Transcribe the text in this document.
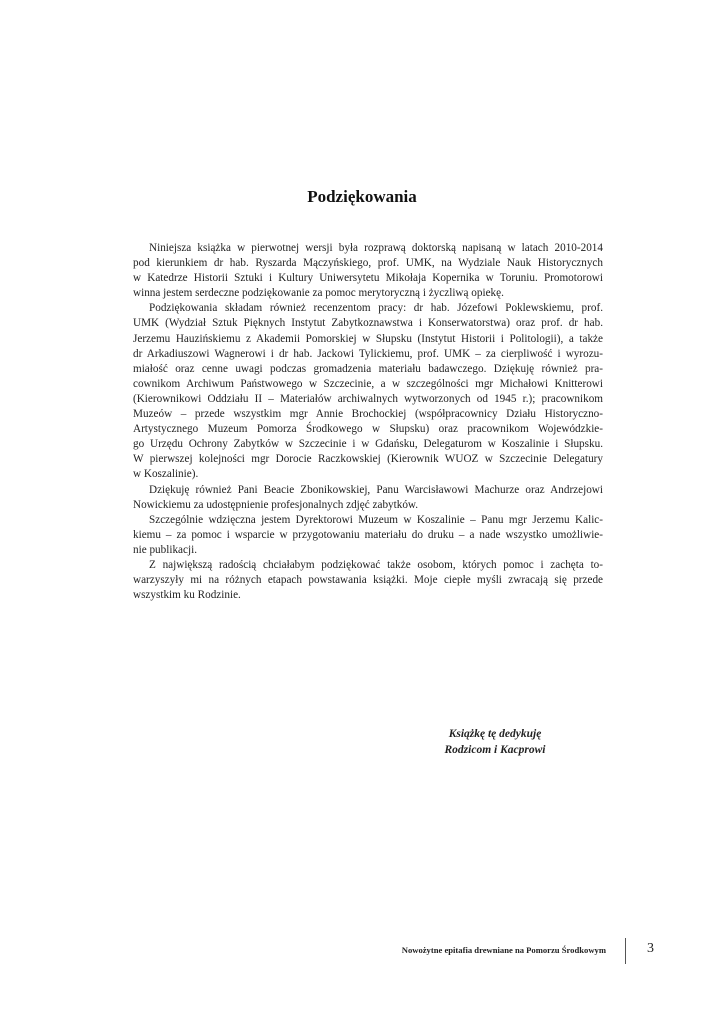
Podziękowania
Niniejsza książka w pierwotnej wersji była rozprawą doktorską napisaną w latach 2010-2014
pod kierunkiem dr hab. Ryszarda Mączyńskiego, prof. UMK, na Wydziale Nauk Historycznych
w Katedrze Historii Sztuki i Kultury Uniwersytetu Mikołaja Kopernika w Toruniu. Promotorowi
winna jestem serdeczne podziękowanie za pomoc merytoryczną i życzliwą opiekę.
Podziękowania składam również recenzentom pracy: dr hab. Józefowi Poklewskiemu, prof.
UMK (Wydział Sztuk Pięknych Instytut Zabytkoznawstwa i Konserwatorstwa) oraz prof. dr hab.
Jerzemu Hauzińskiemu z Akademii Pomorskiej w Słupsku (Instytut Historii i Politologii), a także
dr Arkadiuszowi Wagnerowi i dr hab. Jackowi Tylickiemu, prof. UMK – za cierpliwość i wyrozu-
miałość oraz cenne uwagi podczas gromadzenia materiału badawczego. Dziękuję również pra-
cownikom Archiwum Państwowego w Szczecinie, a w szczególności mgr Michałowi Knitterowi
(Kierownikowi Oddziału II – Materiałów archiwalnych wytworzonych od 1945 r.); pracownikom
Muzeów – przede wszystkim mgr Annie Brochockiej (współpracownicy Działu Historyczno-
Artystycznego Muzeum Pomorza Środkowego w Słupsku) oraz pracownikom Wojewódzkie-
go Urzędu Ochrony Zabytków w Szczecinie i w Gdańsku, Delegaturom w Koszalinie i Słupsku.
W pierwszej kolejności mgr Dorocie Raczkowskiej (Kierownik WUOZ w Szczecinie Delegatury
w Koszalinie).
Dziękuję również Pani Beacie Zbonikowskiej, Panu Warcisławowi Machurze oraz Andrzejowi
Nowickiemu za udostępnienie profesjonalnych zdjęć zabytków.
Szczególnie wdzięczna jestem Dyrektorowi Muzeum w Koszalinie – Panu mgr Jerzemu Kalic-
kiemu – za pomoc i wsparcie w przygotowaniu materiału do druku – a nade wszystko umożliwie-
nie publikacji.
Z największą radością chciałabym podziękować także osobom, których pomoc i zachęta to-
warzyszyły mi na różnych etapach powstawania książki. Moje ciepłe myśli zwracają się przede
wszystkim ku Rodzinie.
Książkę tę dedykuję
Rodzicom i Kacprowi
Nowożytne epitafia drewniane na Pomorzu Środkowym	3
